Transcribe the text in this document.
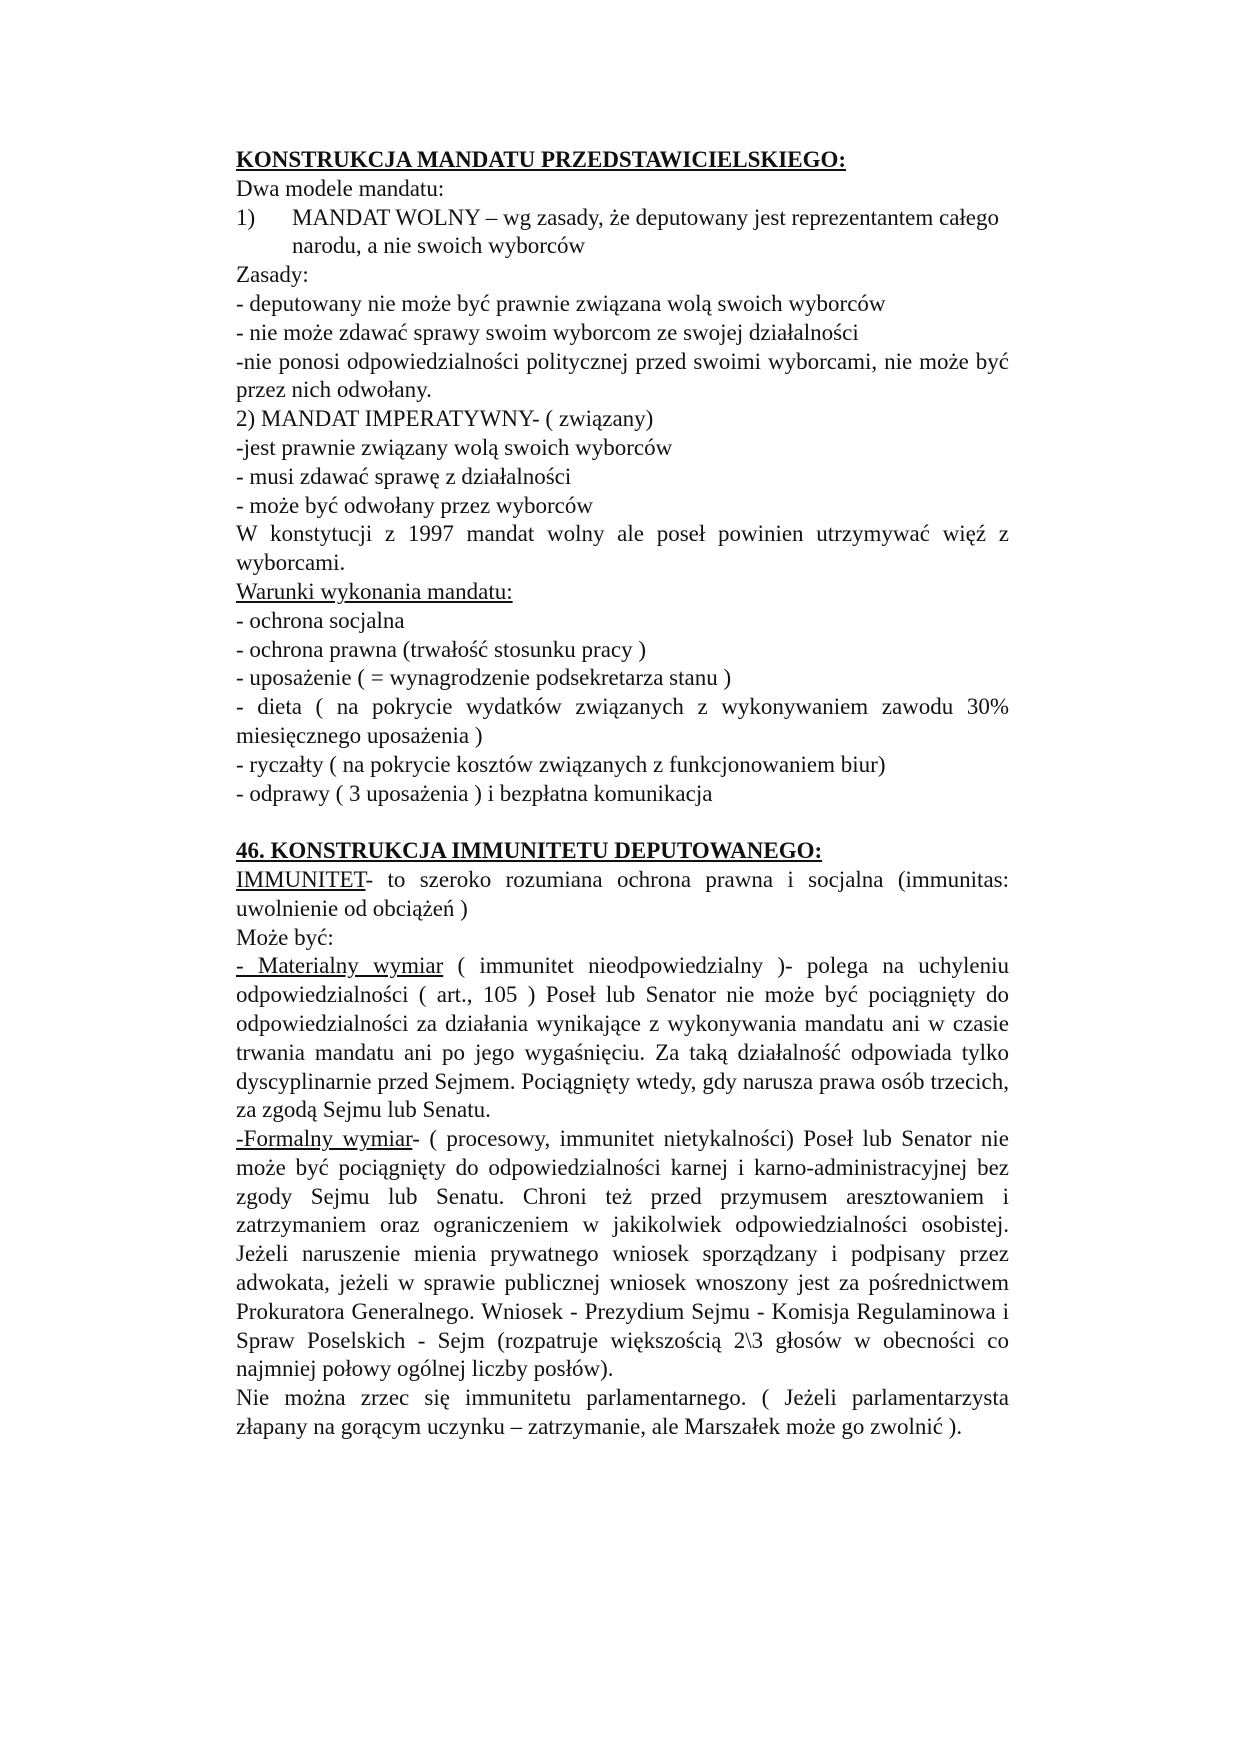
KONSTRUKCJA MANDATU PRZEDSTAWICIELSKIEGO:
Dwa modele mandatu:
1)	MANDAT WOLNY – wg zasady, że deputowany jest reprezentantem całego narodu, a nie swoich wyborców
Zasady:
- deputowany nie może być prawnie związana wolą swoich wyborców
- nie może zdawać sprawy swoim wyborcom ze swojej działalności
-nie ponosi odpowiedzialności politycznej przed swoimi wyborcami, nie może być przez nich odwołany.
2) MANDAT IMPERATYWNY- ( związany)
-jest prawnie związany wolą swoich wyborców
- musi zdawać sprawę z działalności
- może być odwołany przez wyborców
W konstytucji z 1997 mandat wolny ale poseł powinien utrzymywać więź z wyborcami.
Warunki wykonania mandatu:
- ochrona socjalna
- ochrona prawna (trwałość stosunku pracy )
- uposażenie ( = wynagrodzenie podsekretarza stanu )
- dieta ( na pokrycie wydatków związanych z wykonywaniem zawodu 30% miesięcznego uposażenia )
- ryczałty ( na pokrycie kosztów związanych z funkcjonowaniem biur)
- odprawy ( 3 uposażenia ) i bezpłatna komunikacja
46. KONSTRUKCJA IMMUNITETU DEPUTOWANEGO:
IMMUNITET- to szeroko rozumiana ochrona prawna i socjalna (immunitas: uwolnienie od obciążeń )
Może być:
- Materialny wymiar ( immunitet nieodpowiedzialny )- polega na uchyleniu odpowiedzialności ( art., 105 ) Poseł lub Senator nie może być pociągnięty do odpowiedzialności za działania wynikające z wykonywania mandatu ani w czasie trwania mandatu ani po jego wygaśnięciu. Za taką działalność odpowiada tylko dyscyplinarnie przed Sejmem. Pociągnięty wtedy, gdy narusza prawa osób trzecich, za zgodą Sejmu lub Senatu.
-Formalny wymiar- ( procesowy, immunitet nietykalności) Poseł lub Senator nie może być pociągnięty do odpowiedzialności karnej i karno-administracyjnej bez zgody Sejmu lub Senatu. Chroni też przed przymusem aresztowaniem i zatrzymaniem oraz ograniczeniem w jakikolwiek odpowiedzialności osobistej. Jeżeli naruszenie mienia prywatnego wniosek sporządzany i podpisany przez adwokata, jeżeli w sprawie publicznej wniosek wnoszony jest za pośrednictwem Prokuratora Generalnego. Wniosek - Prezydium Sejmu - Komisja Regulaminowa i Spraw Poselskich - Sejm (rozpatruje większością 2\3 głosów w obecności co najmniej połowy ogólnej liczby posłów).
Nie można zrzec się immunitetu parlamentarnego. ( Jeżeli parlamentarzysta złapany na gorącym uczynku – zatrzymanie, ale Marszałek może go zwolnić ).
